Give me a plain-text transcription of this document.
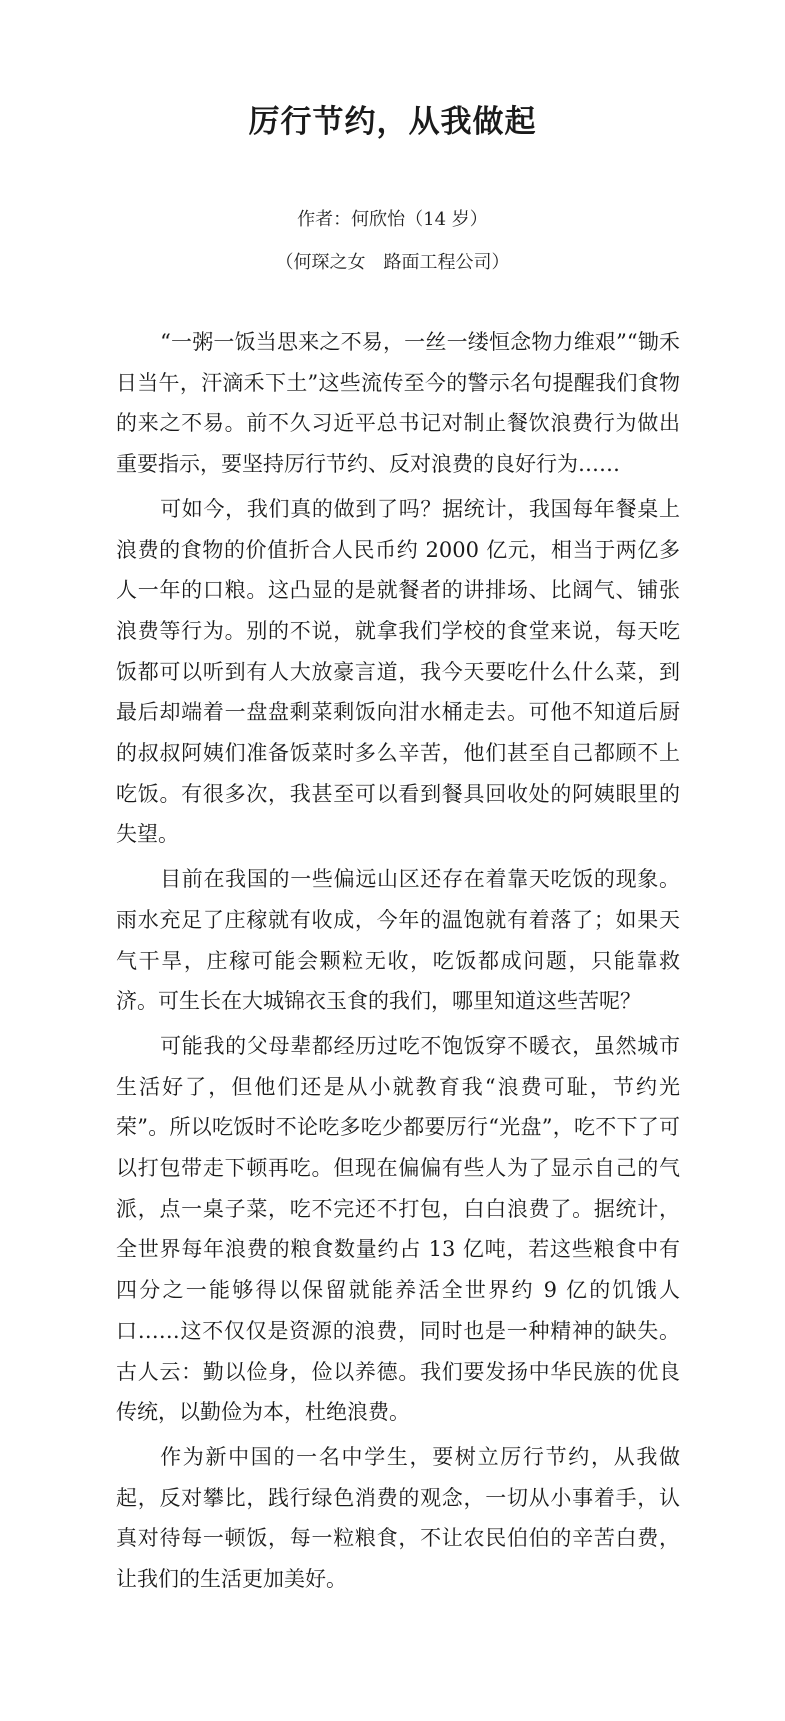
厉行节约，从我做起

作者：何欣怡（14 岁）

（何琛之女　路面工程公司）

“一粥一饭当思来之不易，一丝一缕恒念物力维艰”“锄禾日当午，汗滴禾下土”这些流传至今的警示名句提醒我们食物的来之不易。前不久习近平总书记对制止餐饮浪费行为做出重要指示，要坚持厉行节约、反对浪费的良好行为……

可如今，我们真的做到了吗？据统计，我国每年餐桌上浪费的食物的价值折合人民币约 2000 亿元，相当于两亿多人一年的口粮。这凸显的是就餐者的讲排场、比阔气、铺张浪费等行为。别的不说，就拿我们学校的食堂来说，每天吃饭都可以听到有人大放豪言道，我今天要吃什么什么菜，到最后却端着一盘盘剩菜剩饭向泔水桶走去。可他不知道后厨的叔叔阿姨们准备饭菜时多么辛苦，他们甚至自己都顾不上吃饭。有很多次，我甚至可以看到餐具回收处的阿姨眼里的失望。

目前在我国的一些偏远山区还存在着靠天吃饭的现象。雨水充足了庄稼就有收成，今年的温饱就有着落了；如果天气干旱，庄稼可能会颗粒无收，吃饭都成问题，只能靠救济。可生长在大城锦衣玉食的我们，哪里知道这些苦呢？

可能我的父母辈都经历过吃不饱饭穿不暖衣，虽然城市生活好了，但他们还是从小就教育我“浪费可耻，节约光荣”。所以吃饭时不论吃多吃少都要厉行“光盘”，吃不下了可以打包带走下顿再吃。但现在偏偏有些人为了显示自己的气派，点一桌子菜，吃不完还不打包，白白浪费了。据统计，全世界每年浪费的粮食数量约占 13 亿吨，若这些粮食中有四分之一能够得以保留就能养活全世界约 9 亿的饥饿人口……这不仅仅是资源的浪费，同时也是一种精神的缺失。古人云：勤以俭身，俭以养德。我们要发扬中华民族的优良传统，以勤俭为本，杜绝浪费。

作为新中国的一名中学生，要树立厉行节约，从我做起，反对攀比，践行绿色消费的观念，一切从小事着手，认真对待每一顿饭，每一粒粮食，不让农民伯伯的辛苦白费，让我们的生活更加美好。
